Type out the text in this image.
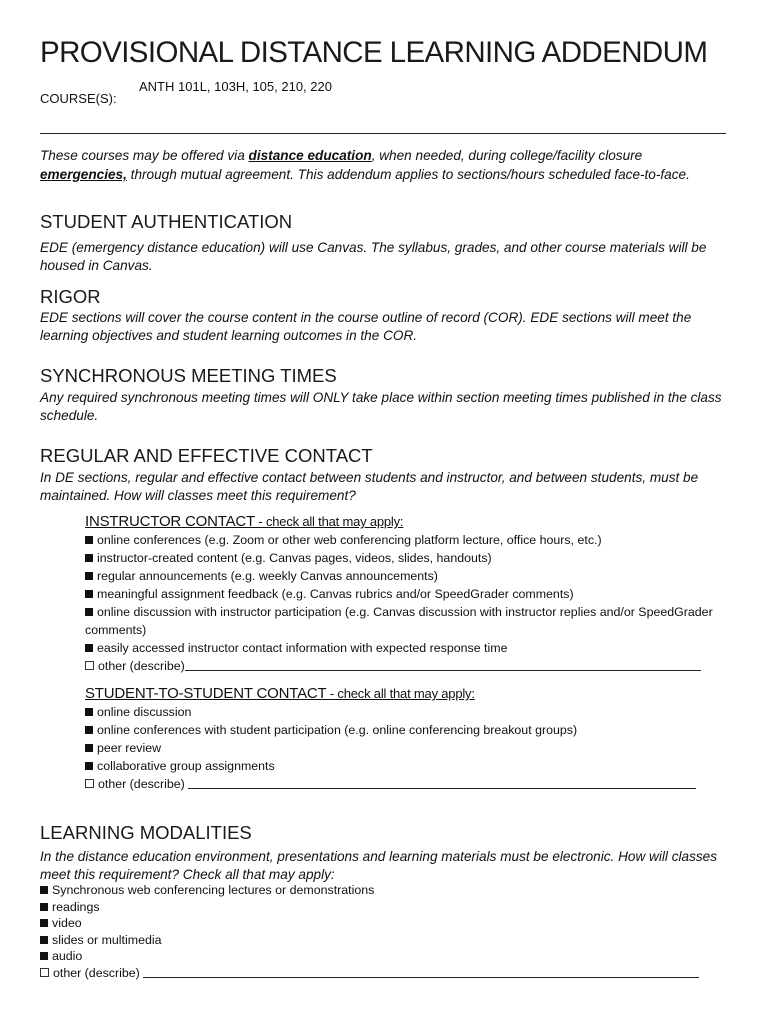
PROVISIONAL DISTANCE LEARNING ADDENDUM
COURSE(S):
ANTH 101L, 103H, 105, 210, 220
These courses may be offered via distance education, when needed, during college/facility closure emergencies, through mutual agreement. This addendum applies to sections/hours scheduled face-to-face.
STUDENT AUTHENTICATION
EDE (emergency distance education) will use Canvas. The syllabus, grades, and other course materials will be housed in Canvas.
RIGOR
EDE sections will cover the course content in the course outline of record (COR). EDE sections will meet the learning objectives and student learning outcomes in the COR.
SYNCHRONOUS MEETING TIMES
Any required synchronous meeting times will ONLY take place within section meeting times published in the class schedule.
REGULAR AND EFFECTIVE CONTACT
In DE sections, regular and effective contact between students and instructor, and between students, must be maintained. How will classes meet this requirement?
INSTRUCTOR CONTACT - check all that may apply:
online conferences (e.g. Zoom or other web conferencing platform lecture, office hours, etc.)
instructor-created content (e.g. Canvas pages, videos, slides, handouts)
regular announcements (e.g. weekly Canvas announcements)
meaningful assignment feedback (e.g. Canvas rubrics and/or SpeedGrader comments)
online discussion with instructor participation (e.g. Canvas discussion with instructor replies and/or SpeedGrader comments)
easily accessed instructor contact information with expected response time
other (describe)
STUDENT-TO-STUDENT CONTACT - check all that may apply:
online discussion
online conferences with student participation (e.g. online conferencing breakout groups)
peer review
collaborative group assignments
other (describe)
LEARNING MODALITIES
In the distance education environment, presentations and learning materials must be electronic. How will classes meet this requirement? Check all that may apply:
Synchronous web conferencing lectures or demonstrations
readings
video
slides or multimedia
audio
other (describe)
